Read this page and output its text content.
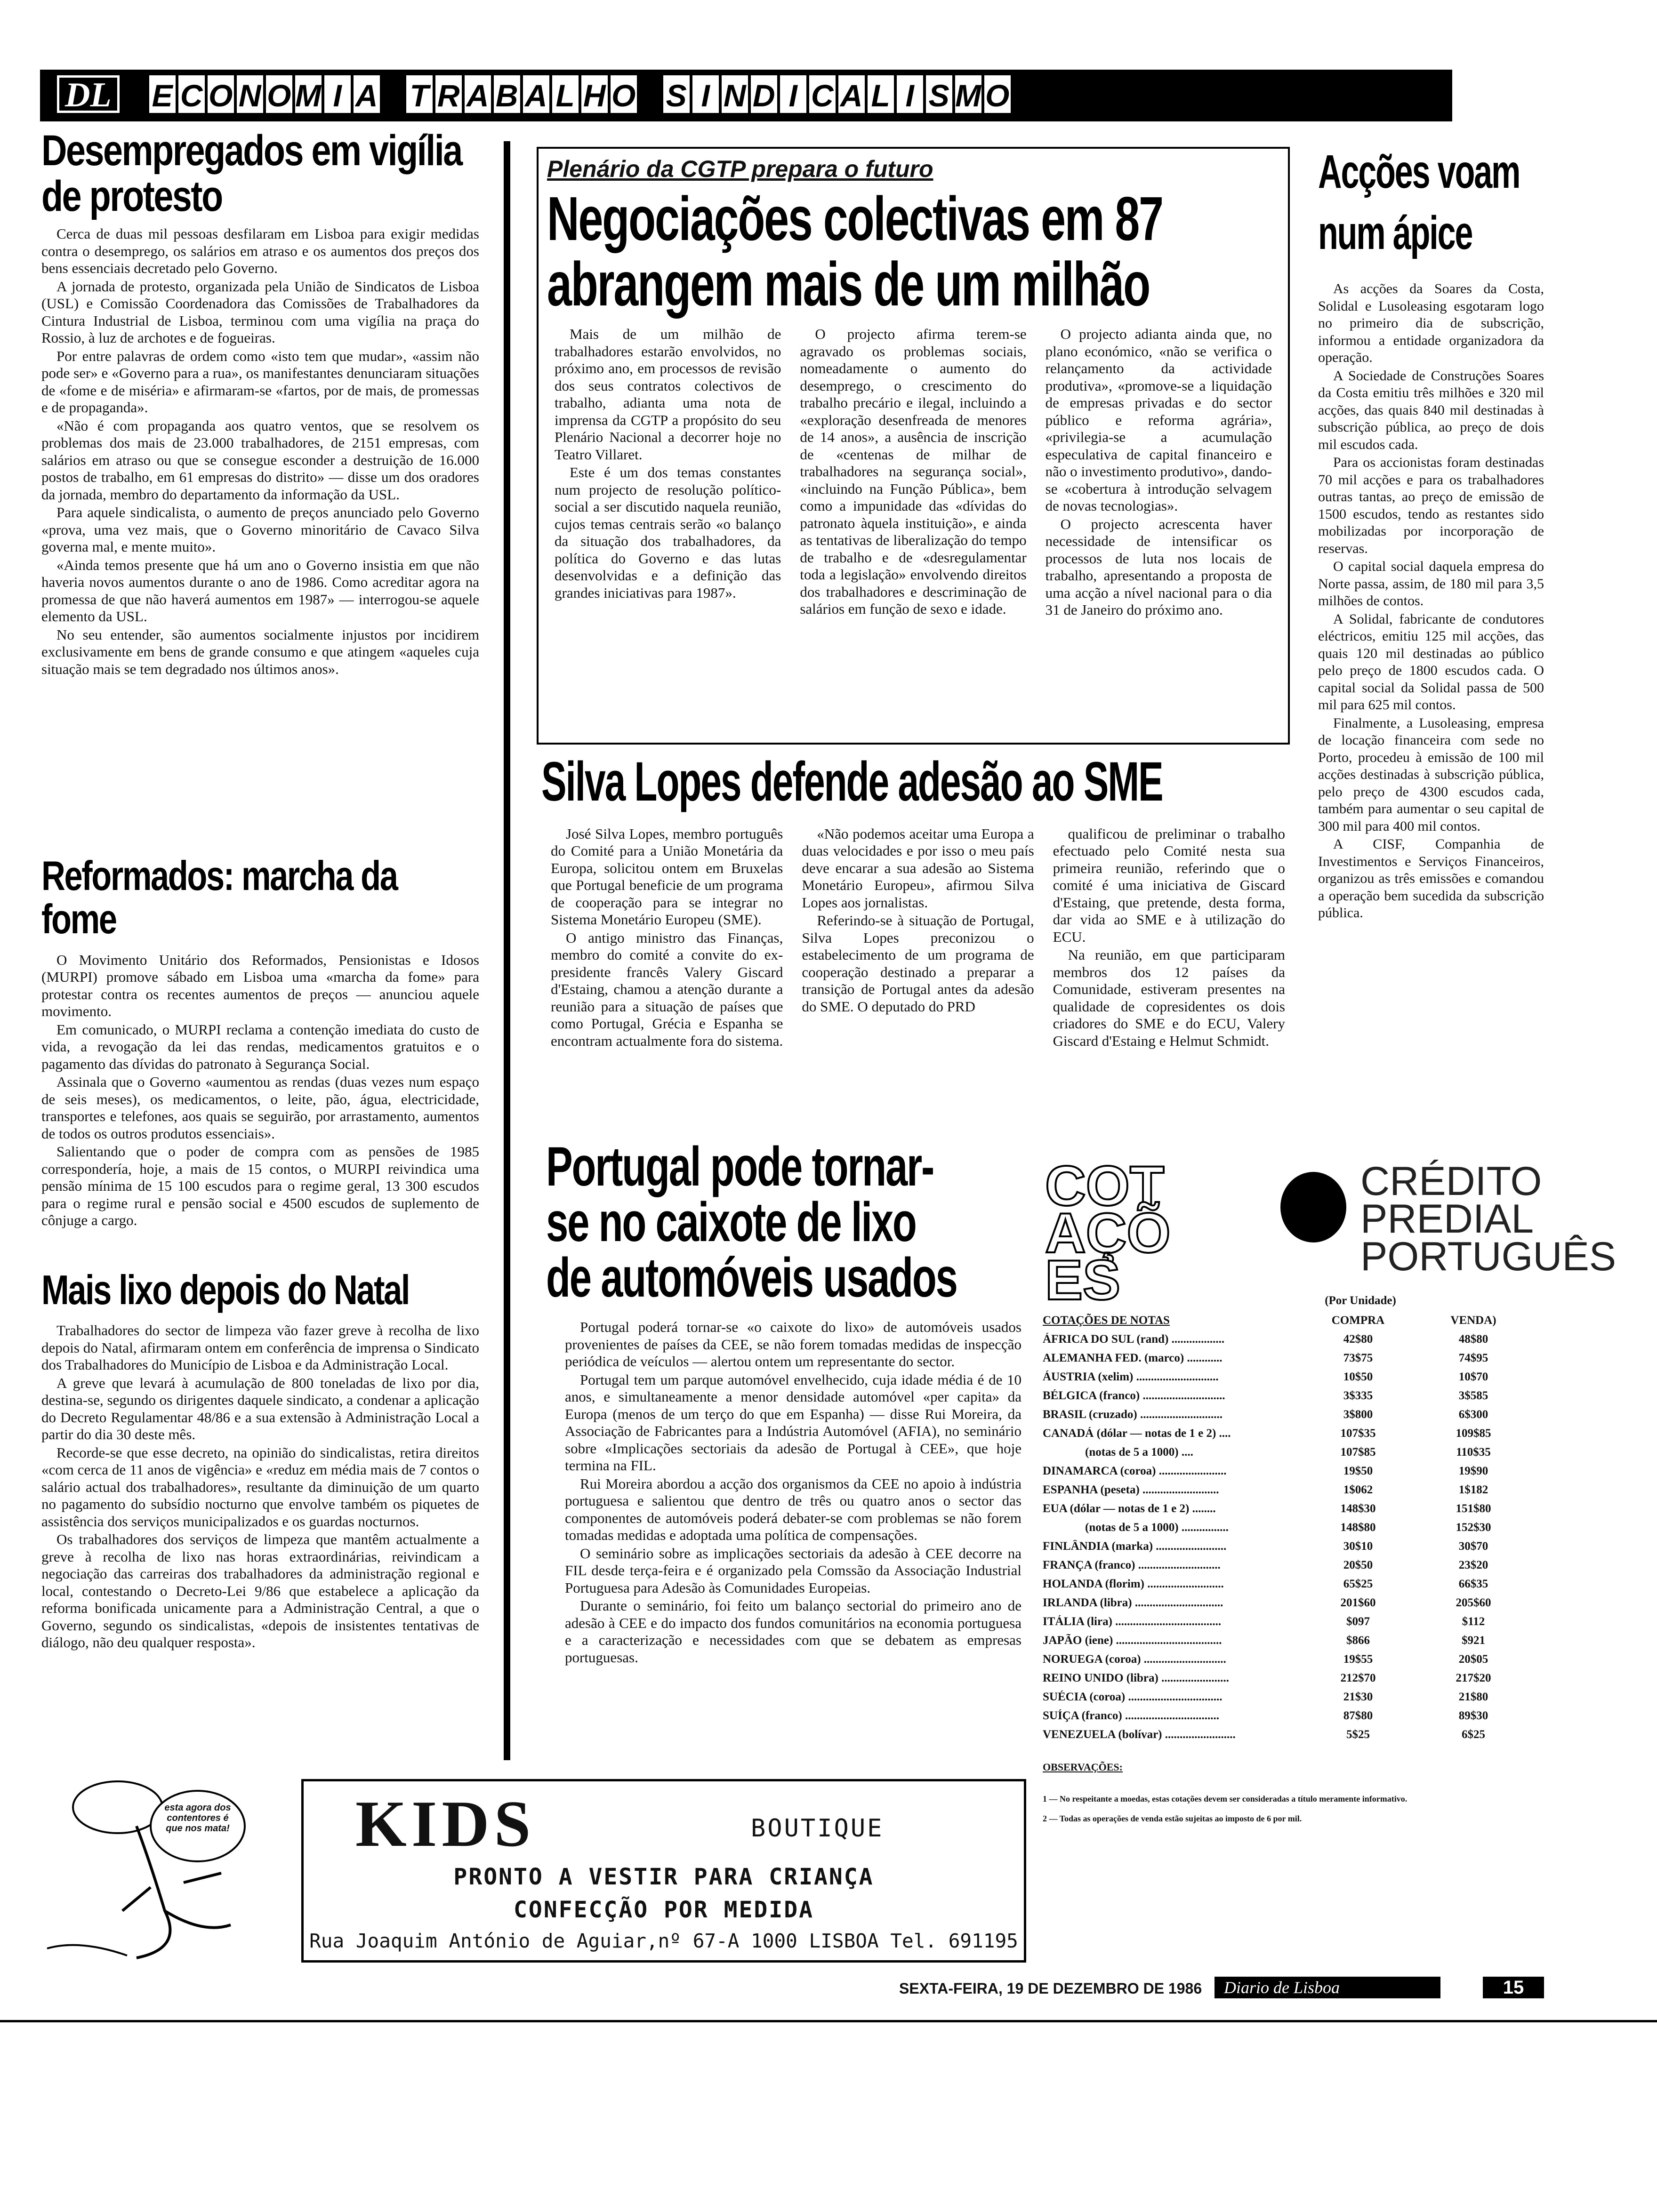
DL E C O N O M I A T R A B A L H O S I N D I C A L I S M O
Desempregados em vigília de protesto

Cerca de duas mil pessoas desfilaram em Lisboa para exigir medidas contra o desemprego, os salários em atraso e os aumentos dos preços dos bens essenciais decretado pelo Governo.

A jornada de protesto, organizada pela União de Sindicatos de Lisboa (USL) e Comissão Coordenadora das Comissões de Trabalhadores da Cintura Industrial de Lisboa, terminou com uma vigília na praça do Rossio, à luz de archotes e de fogueiras.

Por entre palavras de ordem como «isto tem que mudar», «assim não pode ser» e «Governo para a rua», os manifestantes denunciaram situações de «fome e de miséria» e afirmaram-se «fartos, por de mais, de promessas e de propaganda».

«Não é com propaganda aos quatro ventos, que se resolvem os problemas dos mais de 23.000 trabalhadores, de 2151 empresas, com salários em atraso ou que se consegue esconder a destruição de 16.000 postos de trabalho, em 61 empresas do distrito» — disse um dos oradores da jornada, membro do departamento da informação da USL.

Para aquele sindicalista, o aumento de preços anunciado pelo Governo «prova, uma vez mais, que o Governo minoritário de Cavaco Silva governa mal, e mente muito».

«Ainda temos presente que há um ano o Governo insistia em que não haveria novos aumentos durante o ano de 1986. Como acreditar agora na promessa de que não haverá aumentos em 1987» — interrogou-se aquele elemento da USL.

No seu entender, são aumentos socialmente injustos por incidirem exclusivamente em bens de grande consumo e que atingem «aqueles cuja situação mais se tem degradado nos últimos anos».

Reformados: marcha da fome

O Movimento Unitário dos Reformados, Pensionistas e Idosos (MURPI) promove sábado em Lisboa uma «marcha da fome» para protestar contra os recentes aumentos de preços — anunciou aquele movimento.

Em comunicado, o MURPI reclama a contenção imediata do custo de vida, a revogação da lei das rendas, medicamentos gratuitos e o pagamento das dívidas do patronato à Segurança Social.

Assinala que o Governo «aumentou as rendas (duas vezes num espaço de seis meses), os medicamentos, o leite, pão, água, electricidade, transportes e telefones, aos quais se seguirão, por arrastamento, aumentos de todos os outros produtos essenciais».

Salientando que o poder de compra com as pensões de 1985 correspondería, hoje, a mais de 15 contos, o MURPI reivindica uma pensão mínima de 15 100 escudos para o regime geral, 13 300 escudos para o regime rural e pensão social e 4500 escudos de suplemento de cônjuge a cargo.

Mais lixo depois do Natal

Trabalhadores do sector de limpeza vão fazer greve à recolha de lixo depois do Natal, afirmaram ontem em conferência de imprensa o Sindicato dos Trabalhadores do Município de Lisboa e da Administração Local.

A greve que levará à acumulação de 800 toneladas de lixo por dia, destina-se, segundo os dirigentes daquele sindicato, a condenar a aplicação do Decreto Regulamentar 48/86 e a sua extensão à Administração Local a partir do dia 30 deste mês.

Recorde-se que esse decreto, na opinião do sindicalistas, retira direitos «com cerca de 11 anos de vigência» e «reduz em média mais de 7 contos o salário actual dos trabalhadores», resultante da diminuição de um quarto no pagamento do subsídio nocturno que envolve também os piquetes de assistência dos serviços municipalizados e os guardas nocturnos.

Os trabalhadores dos serviços de limpeza que mantêm actualmente a greve à recolha de lixo nas horas extraordinárias, reivindicam a negociação das carreiras dos trabalhadores da administração regional e local, contestando o Decreto-Lei 9/86 que estabelece a aplicação da reforma bonificada unicamente para a Administração Central, a que o Governo, segundo os sindicalistas, «depois de insistentes tentativas de diálogo, não deu qualquer resposta».

Plenário da CGTP prepara o futuro
Negociações colectivas em 87 abrangem mais de um milhão

Mais de um milhão de trabalhadores estarão envolvidos, no próximo ano, em processos de revisão dos seus contratos colectivos de trabalho, adianta uma nota de imprensa da CGTP a propósito do seu Plenário Nacional a decorrer hoje no Teatro Villaret.

Este é um dos temas constantes num projecto de resolução político-social a ser discutido naquela reunião, cujos temas centrais serão «o balanço da situação dos trabalhadores, da política do Governo e das lutas desenvolvidas e a definição das grandes iniciativas para 1987».

O projecto afirma terem-se agravado os problemas sociais, nomeadamente o aumento do desemprego, o crescimento do trabalho precário e ilegal, incluindo a «exploração desenfreada de menores de 14 anos», a ausência de inscrição de «centenas de milhar de trabalhadores na segurança social», «incluindo na Função Pública», bem como a impunidade das «dívidas do patronato àquela instituição», e ainda as tentativas de liberalização do tempo de trabalho e de «desregulamentar toda a legislação» envolvendo direitos dos trabalhadores e descriminação de salários em função de sexo e idade.

O projecto adianta ainda que, no plano económico, «não se verifica o relançamento da actividade produtiva», «promove-se a liquidação de empresas privadas e do sector público e reforma agrária», «privilegia-se a acumulação especulativa de capital financeiro e não o investimento produtivo», dando-se «cobertura à introdução selvagem de novas tecnologias».

O projecto acrescenta haver necessidade de intensificar os processos de luta nos locais de trabalho, apresentando a proposta de uma acção a nível nacional para o dia 31 de Janeiro do próximo ano.

Silva Lopes defende adesão ao SME

José Silva Lopes, membro português do Comité para a União Monetária da Europa, solicitou ontem em Bruxelas que Portugal beneficie de um programa de cooperação para se integrar no Sistema Monetário Europeu (SME).

O antigo ministro das Finanças, membro do comité a convite do ex-presidente francês Valery Giscard d'Estaing, chamou a atenção durante a reunião para a situação de países que como Portugal, Grécia e Espanha se encontram actualmente fora do sistema.

«Não podemos aceitar uma Europa a duas velocidades e por isso o meu país deve encarar a sua adesão ao Sistema Monetário Europeu», afirmou Silva Lopes aos jornalistas.

Referindo-se à situação de Portugal, Silva Lopes preconizou o estabelecimento de um programa de cooperação destinado a preparar a transição de Portugal antes da adesão do SME. O deputado do PRD

qualificou de preliminar o trabalho efectuado pelo Comité nesta sua primeira reunião, referindo que o comité é uma iniciativa de Giscard d'Estaing, que pretende, desta forma, dar vida ao SME e à utilização do ECU.

Na reunião, em que participaram membros dos 12 países da Comunidade, estiveram presentes na qualidade de copresidentes os dois criadores do SME e do ECU, Valery Giscard d'Estaing e Helmut Schmidt.

Portugal pode tornar-se no caixote de lixo de automóveis usados

Portugal poderá tornar-se «o caixote do lixo» de automóveis usados provenientes de países da CEE, se não forem tomadas medidas de inspecção periódica de veículos — alertou ontem um representante do sector.

Portugal tem um parque automóvel envelhecido, cuja idade média é de 10 anos, e simultaneamente a menor densidade automóvel «per capita» da Europa (menos de um terço do que em Espanha) — disse Rui Moreira, da Associação de Fabricantes para a Indústria Automóvel (AFIA), no seminário sobre «Implicações sectoriais da adesão de Portugal à CEE», que hoje termina na FIL.

Rui Moreira abordou a acção dos organismos da CEE no apoio à indústria portuguesa e salientou que dentro de três ou quatro anos o sector das componentes de automóveis poderá debater-se com problemas se não forem tomadas medidas e adoptada uma política de compensações.

O seminário sobre as implicações sectoriais da adesão à CEE decorre na FIL desde terça-feira e é organizado pela Comssão da Associação Industrial Portuguesa para Adesão às Comunidades Europeias.

Durante o seminário, foi feito um balanço sectorial do primeiro ano de adesão à CEE e do impacto dos fundos comunitários na economia portuguesa e a caracterização e necessidades com que se debatem as empresas portuguesas.

Acções voam num ápice

As acções da Soares da Costa, Solidal e Lusoleasing esgotaram logo no primeiro dia de subscrição, informou a entidade organizadora da operação.

A Sociedade de Construções Soares da Costa emitiu três milhões e 320 mil acções, das quais 840 mil destinadas à subscrição pública, ao preço de dois mil escudos cada.

Para os accionistas foram destinadas 70 mil acções e para os trabalhadores outras tantas, ao preço de emissão de 1500 escudos, tendo as restantes sido mobilizadas por incorporação de reservas.

O capital social daquela empresa do Norte passa, assim, de 180 mil para 3,5 milhões de contos.

A Solidal, fabricante de condutores eléctricos, emitiu 125 mil acções, das quais 120 mil destinadas ao público pelo preço de 1800 escudos cada. O capital social da Solidal passa de 500 mil para 625 mil contos.

Finalmente, a Lusoleasing, empresa de locação financeira com sede no Porto, procedeu à emissão de 100 mil acções destinadas à subscrição pública, pelo preço de 4300 escudos cada, também para aumentar o seu capital de 300 mil para 400 mil contos.

A CISF, Companhia de Investimentos e Serviços Financeiros, organizou as três emissões e comandou a operação bem sucedida da subscrição pública.

COTAÇÕES
CRÉDITO
PREDIAL
PORTUGUÊS
(Por Unidade)
COTAÇÕES DE NOTAS	COMPRA	VENDA)
ÁFRICA DO SUL (rand) ..................	42$80	48$80
ALEMANHA FED. (marco) ............	73$75	74$95
ÁUSTRIA (xelim) ............................	10$50	10$70
BÉLGICA (franco) ............................	3$335	3$585
BRASIL (cruzado) ............................	3$800	6$300
CANADÁ (dólar — notas de 1 e 2) ....	107$35	109$85
(notas de 5 a 1000) ....	107$85	110$35
DINAMARCA (coroa) .......................	19$50	19$90
ESPANHA (peseta) ..........................	1$062	1$182
EUA (dólar — notas de 1 e 2) ........	148$30	151$80
(notas de 5 a 1000) ................	148$80	152$30
FINLÂNDIA (marka) ........................	30$10	30$70
FRANÇA (franco) ............................	20$50	23$20
HOLANDA (florim) ..........................	65$25	66$35
IRLANDA (libra) ..............................	201$60	205$60
ITÁLIA (lira) ....................................	$097	$112
JAPÃO (iene) ....................................	$866	$921
NORUEGA (coroa) ............................	19$55	20$05
REINO UNIDO (libra) .......................	212$70	217$20
SUÉCIA (coroa) ................................	21$30	21$80
SUÍÇA (franco) ................................	87$80	89$30
VENEZUELA (bolívar) ........................	5$25	6$25
OBSERVAÇÕES:
1 — No respeitante a moedas, estas cotações devem ser consideradas a título meramente informativo.
2 — Todas as operações de venda estão sujeitas ao imposto de 6 por mil.
esta agora dos contentores é que nos mata! KIDS	BOUTIQUE
PRONTO A VESTIR PARA CRIANÇA
CONFECÇÃO POR MEDIDA
Rua Joaquim António de Aguiar,nº 67-A 1000 LISBOA Tel. 691195
SEXTA-FEIRA, 19 DE DEZEMBRO DE 1986	Diario de Lisboa	15
